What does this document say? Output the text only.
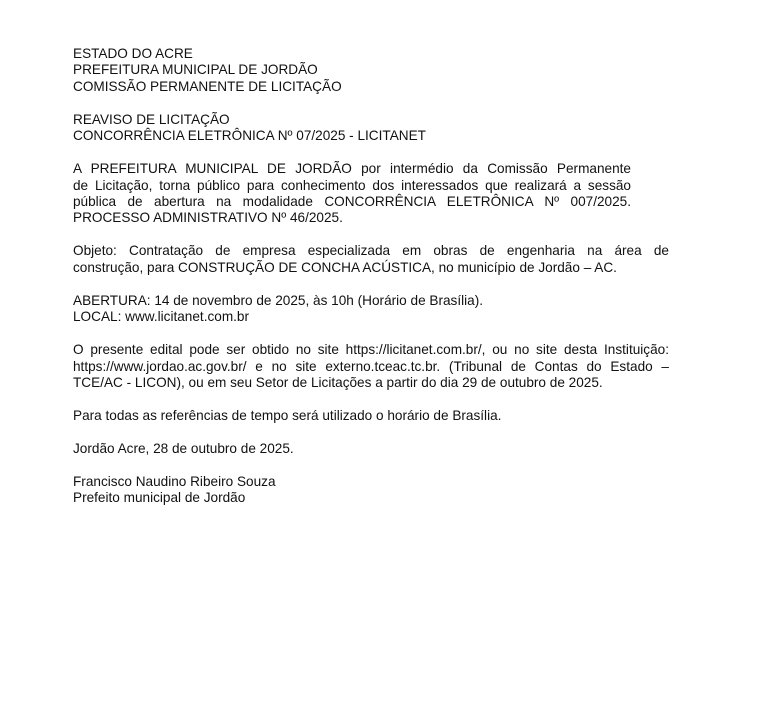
ESTADO DO ACRE
PREFEITURA MUNICIPAL DE JORDÃO
COMISSÃO PERMANENTE DE LICITAÇÃO
REAVISO DE LICITAÇÃO
CONCORRÊNCIA ELETRÔNICA Nº 07/2025 - LICITANET
A PREFEITURA MUNICIPAL DE JORDÃO por intermédio da Comissão Permanente
de Licitação, torna público para conhecimento dos interessados que realizará a sessão
pública de abertura na modalidade CONCORRÊNCIA ELETRÔNICA Nº 007/2025.
PROCESSO ADMINISTRATIVO Nº 46/2025.
Objeto: Contratação de empresa especializada em obras de engenharia na área de
construção, para CONSTRUÇÃO DE CONCHA ACÚSTICA, no município de Jordão – AC.
ABERTURA: 14 de novembro de 2025, às 10h (Horário de Brasília).
LOCAL: www.licitanet.com.br
O presente edital pode ser obtido no site https://licitanet.com.br/, ou no site desta Instituição:
https://www.jordao.ac.gov.br/ e no site externo.tceac.tc.br. (Tribunal de Contas do Estado –
TCE/AC - LICON), ou em seu Setor de Licitações a partir do dia 29 de outubro de 2025.
Para todas as referências de tempo será utilizado o horário de Brasília.
Jordão Acre, 28 de outubro de 2025.
Francisco Naudino Ribeiro Souza
Prefeito municipal de Jordão
